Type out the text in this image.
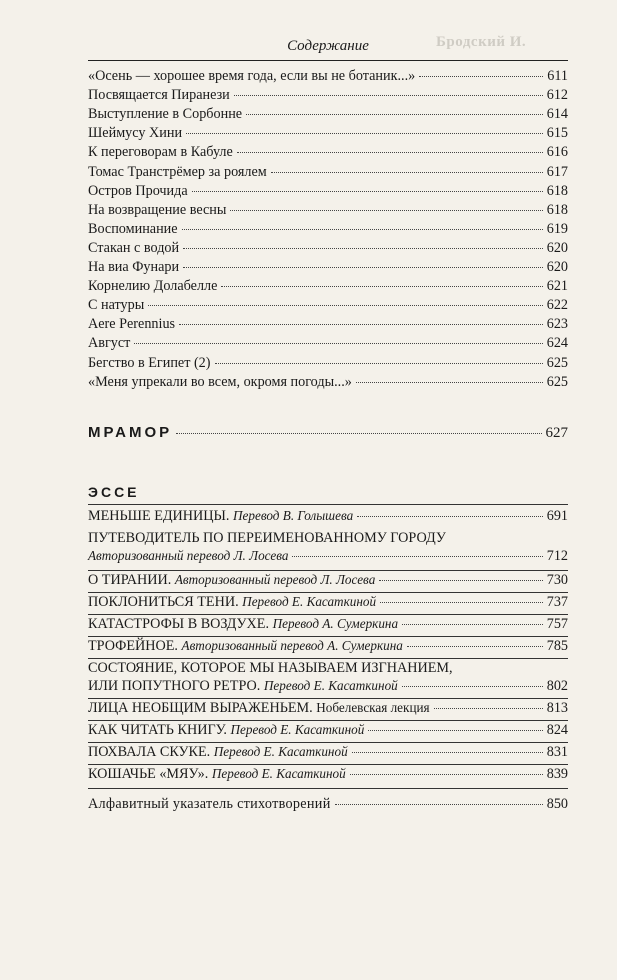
Бродский И.
Содержание
«Осень — хорошее время года, если вы не ботаник...»	611
Посвящается Пиранези	612
Выступление в Сорбонне	614
Шеймусу Хини	615
К переговорам в Кабуле	616
Томас Транстрёмер за роялем	617
Остров Прочида	618
На возвращение весны	618
Воспоминание	619
Стакан с водой	620
На виа Фунари	620
Корнелию Долабелле	621
С натуры	622
Aere Perennius	623
Август	624
Бегство в Египет (2)	625
«Меня упрекали во всем, окромя погоды...»	625
МРАМОР	627
ЭССЕ
МЕНЬШЕ ЕДИНИЦЫ. Перевод В. Голышева	691
ПУТЕВОДИТЕЛЬ ПО ПЕРЕИМЕНОВАННОМУ ГОРОДУ
Авторизованный перевод Л. Лосева	712
О ТИРАНИИ. Авторизованный перевод Л. Лосева	730
ПОКЛОНИТЬСЯ ТЕНИ. Перевод Е. Касаткиной	737
КАТАСТРОФЫ В ВОЗДУХЕ. Перевод А. Сумеркина	757
ТРОФЕЙНОЕ. Авторизованный перевод А. Сумеркина	785
СОСТОЯНИЕ, КОТОРОЕ МЫ НАЗЫВАЕМ ИЗГНАНИЕМ,
ИЛИ ПОПУТНОГО РЕТРО. Перевод Е. Касаткиной	802
ЛИЦА НЕОБЩИМ ВЫРАЖЕНЬЕМ. Нобелевская лекция	813
КАК ЧИТАТЬ КНИГУ. Перевод Е. Касаткиной	824
ПОХВАЛА СКУКЕ. Перевод Е. Касаткиной	831
КОШАЧЬЕ «МЯУ». Перевод Е. Касаткиной	839
Алфавитный указатель стихотворений	850
